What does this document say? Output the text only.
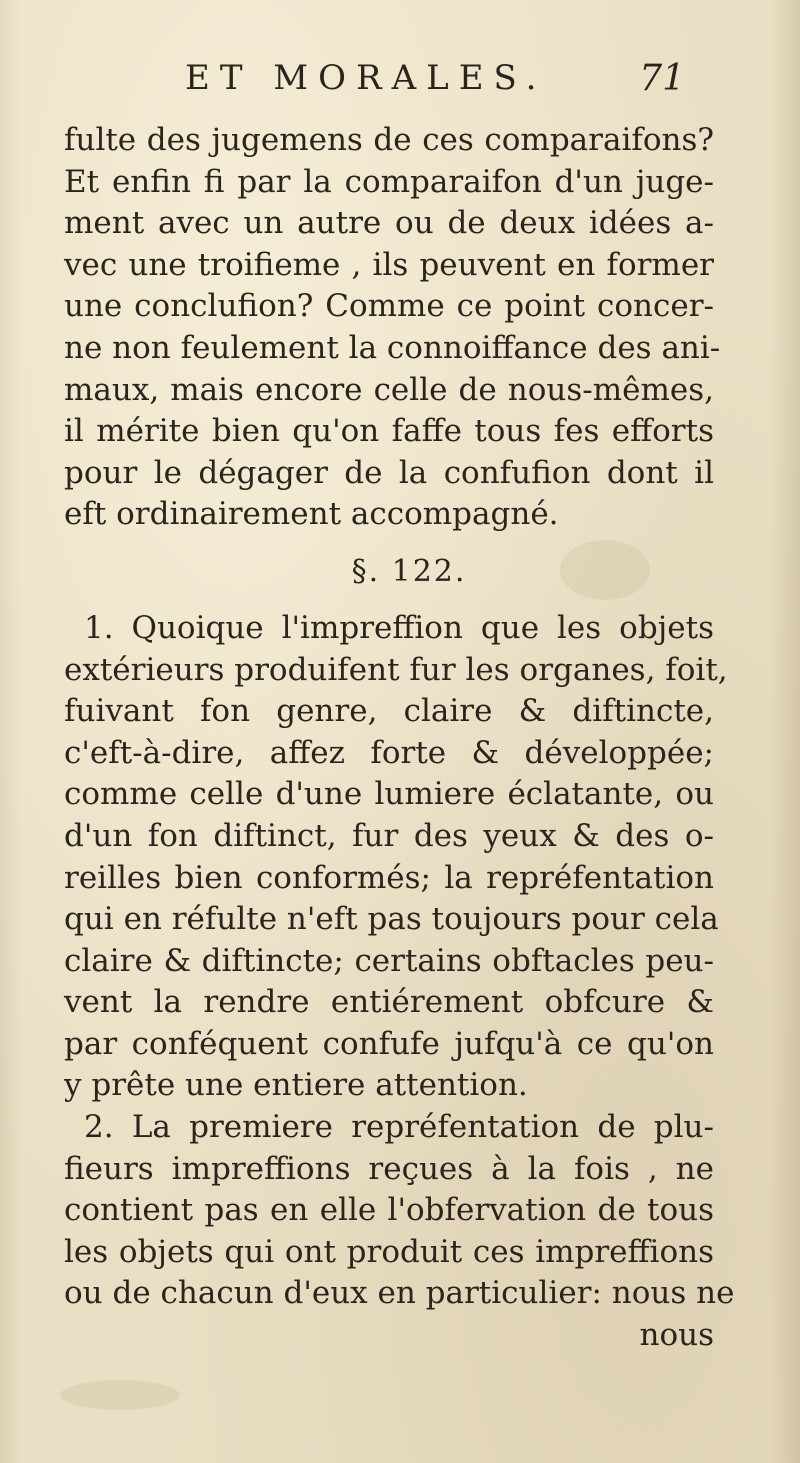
ET MORALES.	71
fulte des jugemens de ces comparaifons?
Et enfin fi par la comparaifon d'un juge-
ment avec un autre ou de deux idées a-
vec une troifieme , ils peuvent en former
une conclufion? Comme ce point concer-
ne non feulement la connoiffance des ani-
maux, mais encore celle de nous-mêmes,
il mérite bien qu'on faffe tous fes efforts
pour le dégager de la confufion dont il
eft ordinairement accompagné.
§. 122.
1. Quoique l'impreffion que les objets
extérieurs produifent fur les organes, foit,
fuivant fon genre, claire & diftincte,
c'eft-à-dire, affez forte & développée;
comme celle d'une lumiere éclatante, ou
d'un fon diftinct, fur des yeux & des o-
reilles bien conformés; la repréfentation
qui en réfulte n'eft pas toujours pour cela
claire & diftincte; certains obftacles peu-
vent la rendre entiérement obfcure &
par conféquent confufe jufqu'à ce qu'on
y prête une entiere attention.
2. La premiere repréfentation de plu-
fieurs impreffions reçues à la fois , ne
contient pas en elle l'obfervation de tous
les objets qui ont produit ces impreffions
ou de chacun d'eux en particulier: nous ne
nous
